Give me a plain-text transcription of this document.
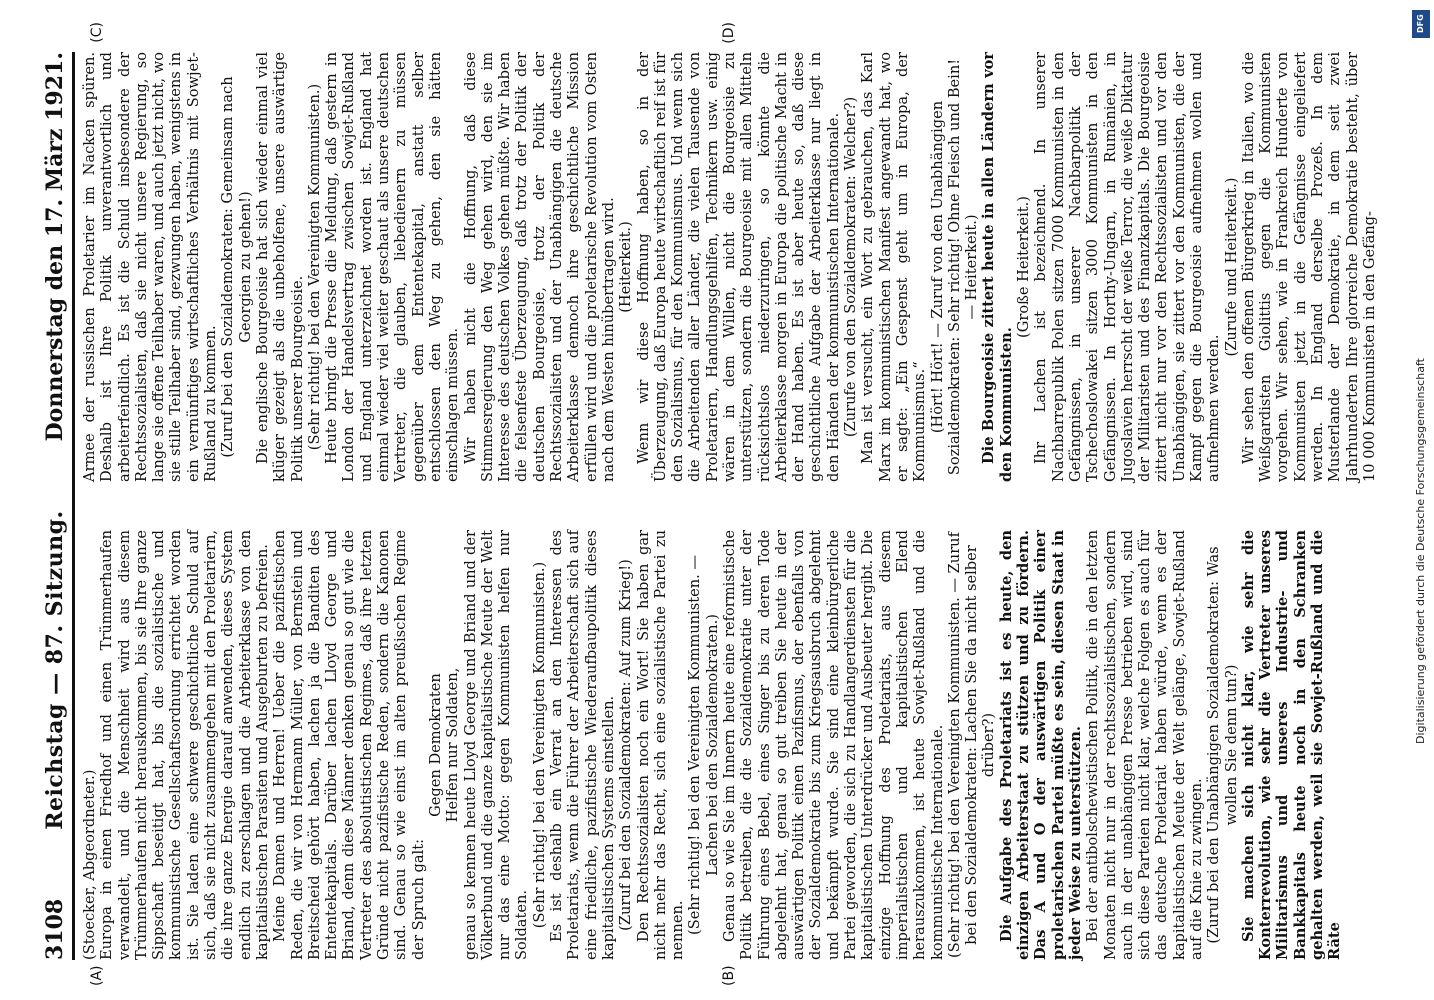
3108
Reichstag — 87. Sitzung.
Donnerstag den 17. März 1921.
(A)	(B)

(Stoecker, Abgeordneter.) Europa in einen Friedhof und einen Trümmerhaufen verwandelt, und die Menschheit wird aus diesem Trümmerhaufen nicht herauskommen, bis sie Ihre ganze Sippschaft beseitigt hat, bis die sozialistische und kommunistische Gesellschaftsordnung errichtet worden ist. Sie laden eine schwere geschichtliche Schuld auf sich, daß sie nicht zusammengehen mit den Proletariern, die ihre ganze Energie darauf anwenden, dieses System endlich zu zerschlagen und die Arbeiterklasse von den kapitalistischen Parasiten und Ausgeburten zu befreien. Meine Damen und Herren! Ueber die pazifistischen Reden, die wir von Hermann Müller, von Bernstein und Breitscheid gehört haben, lachen ja die Banditen des Ententekapitals. Darüber lachen Lloyd George und Briand, denn diese Männer denken genau so gut wie die Vertreter des absolutistischen Regimes, daß ihre letzten Gründe nicht pazifistische Reden, sondern die Kanonen sind. Genau so wie einst im alten preußischen Regime der Spruch galt:

Gegen Demokraten Helfen nur Soldaten, genau so kennen heute Lloyd George und Briand und der Völkerbund und die ganze kapitalistische Meute der Welt nur das eine Motto: gegen Kommunisten helfen nur Soldaten. (Sehr richtig! bei den Vereinigten Kommunisten.) Es ist deshalb ein Verrat an den Interessen des Proletariats, wenn die Führer der Arbeiterschaft sich auf eine friedliche, pazifistische Wiederaufbaupolitik dieses kapitalistischen Systems einstellen. (Zuruf bei den Sozialdemokraten: Auf zum Krieg!) Den Rechtssozialisten noch ein Wort! Sie haben gar nicht mehr das Recht, sich eine sozialistische Partei zu nennen. (Sehr richtig! bei den Vereinigten Kommunisten. — Lachen bei den Sozialdemokraten.) Genau so wie Sie im Innern heute eine reformistische Politik betreiben, die die Sozialdemokratie unter der Führung eines Bebel, eines Singer bis zu deren Tode abgelehnt hat, genau so gut treiben Sie heute in der auswärtigen Politik einen Pazifismus, der ebenfalls von der Sozialdemokratie bis zum Kriegsausbruch abgelehnt und bekämpft wurde. Sie sind eine kleinbürgerliche Partei geworden, die sich zu Handlangerdiensten für die kapitalistischen Unterdrücker und Ausbeuter hergibt. Die einzige Hoffnung des Proletariats, aus diesem imperialistischen und kapitalistischen Elend herauszukommen, ist heute Sowjet-Rußland und die kommunistische Internationale. (Sehr richtig! bei den Vereinigten Kommunisten. — Zuruf bei den Sozialdemokraten: Lachen Sie da nicht selber drüber?) Die Aufgabe des Proletariats ist es heute, den einzigen Arbeiterstaat zu stützen und zu fördern. Das A und O der auswärtigen Politik einer proletarischen Partei müßte es sein, diesen Staat in jeder Weise zu unterstützen. Bei der antibolschewistischen Politik, die in den letzten Monaten nicht nur in der rechtssozialistischen, sondern auch in der unabhängigen Presse betrieben wird, sind sich diese Parteien nicht klar, welche Folgen es auch für das deutsche Proletariat haben würde, wenn es der kapitalistischen Meute der Welt gelänge, Sowjet-Rußland auf die Knie zu zwingen. (Zuruf bei den Unabhängigen Sozialdemokraten: Was wollen Sie denn tun?) Sie machen sich nicht klar, wie sehr die Konterrevolution, wie sehr die Vertreter unseres Militarismus und unseres Industrie- und Bankkapitals heute noch in den Schranken gehalten werden, weil sie Sowjet-Rußland und die Räte

(C)	(D)

Armee der russischen Proletarier im Nacken spüren. Deshalb ist Ihre Politik unverantwortlich und arbeiterfeindlich. Es ist die Schuld insbesondere der Rechtssozialisten, daß sie nicht unsere Regierung, so lange sie offene Teilhaber waren, und auch jetzt nicht, wo sie stille Teilhaber sind, gezwungen haben, wenigstens in ein vernünftiges wirtschaftliches Verhältnis mit Sowjet-Rußland zu kommen. (Zuruf bei den Sozialdemokraten: Gemeinsam nach Georgien zu gehen!) Die englische Bourgeoisie hat sich wieder einmal viel klüger gezeigt als die unbeholfene, unsere auswärtige Politik unserer Bourgeoisie. (Sehr richtig! bei den Vereinigten Kommunisten.) Heute bringt die Presse die Meldung, daß gestern in London der Handelsvertrag zwischen Sowjet-Rußland und England unterzeichnet worden ist. England hat einmal wieder viel weiter geschaut als unsere deutschen Vertreter, die glauben, liebedienern zu müssen gegenüber dem Ententekapital, anstatt selber entschlossen den Weg zu gehen, den sie hätten einschlagen müssen. Wir haben nicht die Hoffnung, daß diese Stimmesregierung den Weg gehen wird, den sie im Interesse des deutschen Volkes gehen müßte. Wir haben die felsenfeste Überzeugung, daß trotz der Politik der deutschen Bourgeoisie, trotz der Politik der Rechtssozialisten und der Unabhängigen die deutsche Arbeiterklasse dennoch ihre geschichtliche Mission erfüllen wird und die proletarische Revolution vom Osten nach dem Westen hinübertragen wird. (Heiterkeit.) Wenn wir diese Hoffnung haben, so in der Überzeugung, daß Europa heute wirtschaftlich reif ist für den Sozialismus, für den Kommunismus. Und wenn sich die Arbeitenden aller Länder, die vielen Tausende von Proletariern, Handlungsgehilfen, Technikern usw. einig wären in dem Willen, nicht die Bourgeoisie zu unterstützen, sondern die Bourgeoisie mit allen Mitteln rücksichtslos niederzuringen, so könnte die Arbeiterklasse morgen in Europa die politische Macht in der Hand haben. Es ist aber heute so, daß diese geschichtliche Aufgabe der Arbeiterklasse nur liegt in den Händen der kommunistischen Internationale. (Zurufe von den Sozialdemokraten: Welcher?) Man ist versucht, ein Wort zu gebrauchen, das Karl Marx im kommunistischen Manifest angewandt hat, wo er sagte: „Ein Gespenst geht um in Europa, der Kommunismus.“ (Hört! Hört! — Zuruf von den Unabhängigen Sozialdemokraten: Sehr richtig! Ohne Fleisch und Bein! — Heiterkeit.) Die Bourgeoisie zittert heute in allen Ländern vor den Kommunisten.

(Große Heiterkeit.) Ihr Lachen ist bezeichnend. In unserer Nachbarrepublik Polen sitzen 7000 Kommunisten in den Gefängnissen, in unserer Nachbarpolitik der Tschechoslowakei sitzen 3000 Kommunisten in den Gefängnissen. In Horthy-Ungarn, in Rumänien, in Jugoslavien herrscht der weiße Terror, die weiße Diktatur der Militaristen und des Finanzkapitals. Die Bourgeoisie zittert nicht nur vor den Rechtssozialisten und vor den Unabhängigen, sie zittert vor den Kommunisten, die der Kampf gegen die Bourgeoisie aufnehmen wollen und aufnehmen werden.

(Zurufe und Heiterkeit.) Wir sehen den offenen Bürgerkrieg in Italien, wo die Weißgardisten Giolittis gegen die Kommunisten vorgehen. Wir sehen, wie in Frankreich Hunderte von Kommunisten jetzt in die Gefängnisse eingeliefert werden. In England derselbe Prozeß. In dem Musterlande der Demokratie, in dem seit zwei Jahrhunderten Ihre glorreiche Demokratie besteht, über 10 000 Kommunisten in den Gefäng-

DFG
Digitalisierung gefördert durch die Deutsche Forschungsgemeinschaft
